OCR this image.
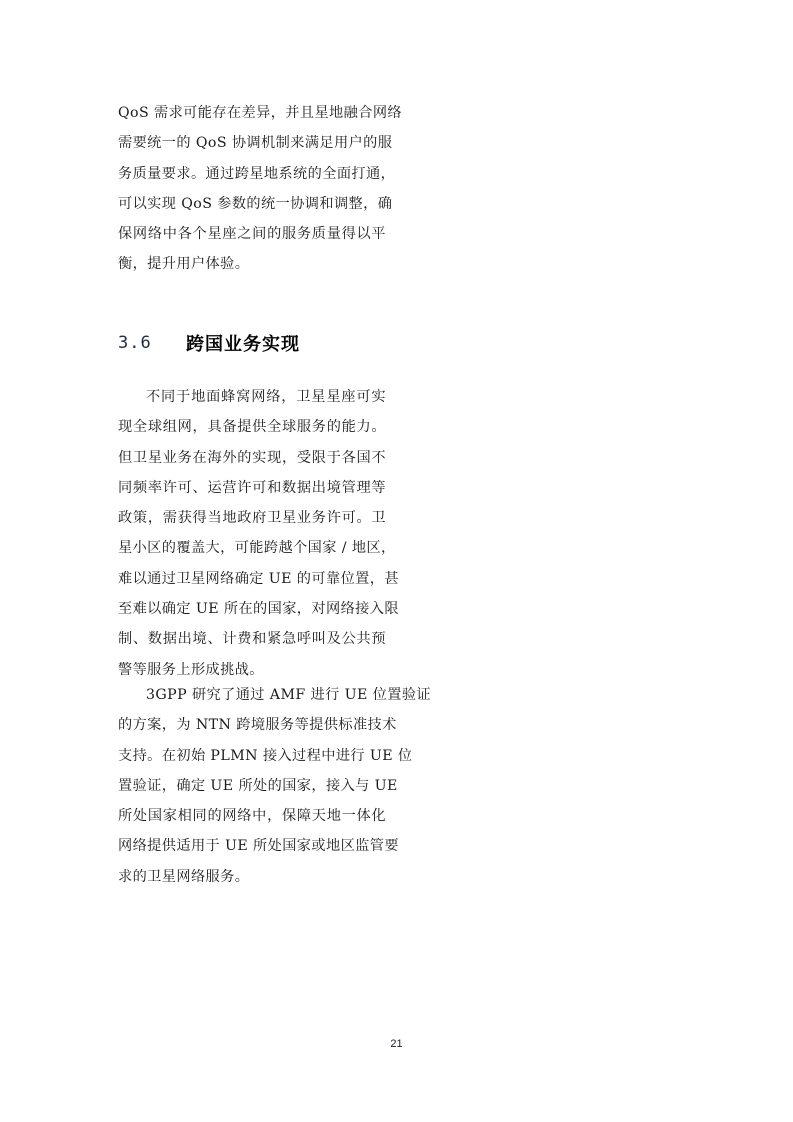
QoS 需求可能存在差异，并且星地融合网络
需要统一的 QoS 协调机制来满足用户的服
务质量要求。通过跨星地系统的全面打通，
可以实现 QoS 参数的统一协调和调整，确
保网络中各个星座之间的服务质量得以平
衡，提升用户体验。
3.6	跨国业务实现
不同于地面蜂窝网络，卫星星座可实
现全球组网，具备提供全球服务的能力。
但卫星业务在海外的实现，受限于各国不
同频率许可、运营许可和数据出境管理等
政策，需获得当地政府卫星业务许可。卫
星小区的覆盖大，可能跨越个国家 / 地区，
难以通过卫星网络确定 UE 的可靠位置，甚
至难以确定 UE 所在的国家，对网络接入限
制、数据出境、计费和紧急呼叫及公共预
警等服务上形成挑战。
3GPP 研究了通过 AMF 进行 UE 位置验证
的方案，为 NTN 跨境服务等提供标准技术
支持。在初始 PLMN 接入过程中进行 UE 位
置验证，确定 UE 所处的国家，接入与 UE
所处国家相同的网络中，保障天地一体化
网络提供适用于 UE 所处国家或地区监管要
求的卫星网络服务。
21
